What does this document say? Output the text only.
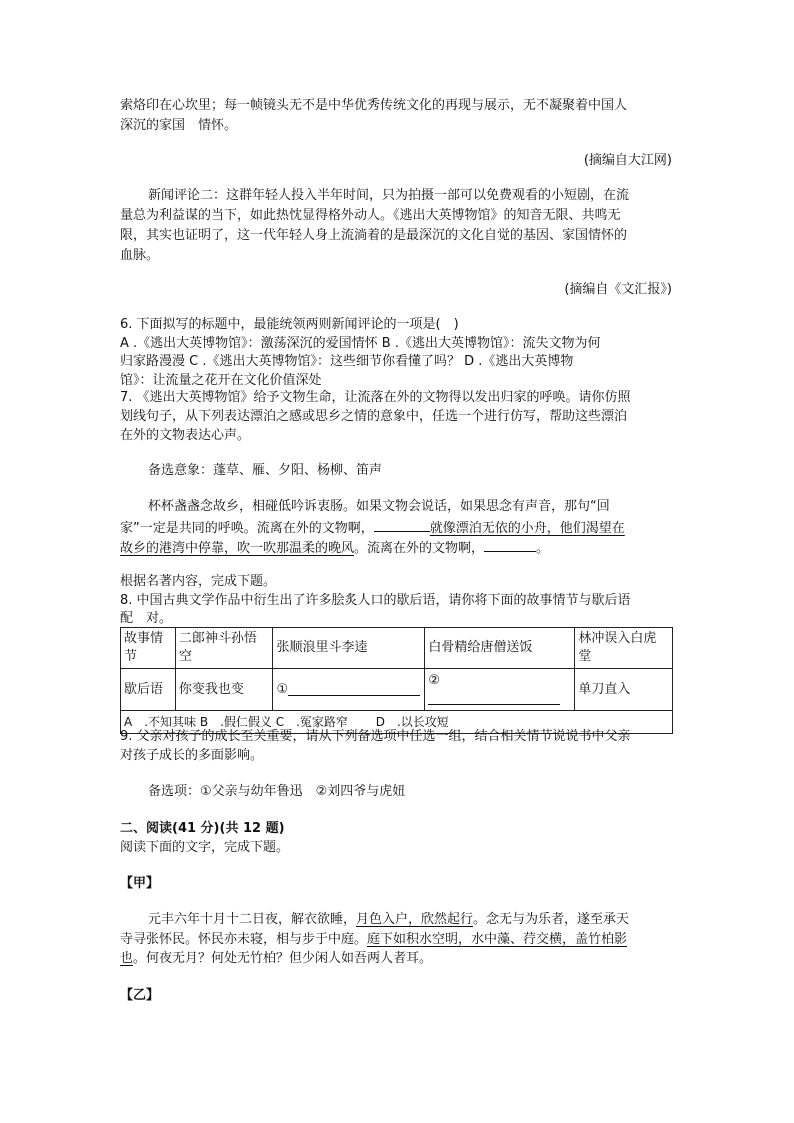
索烙印在心坎里；每一帧镜头无不是中华优秀传统文化的再现与展示，无不凝聚着中国人
深沉的家国　情怀。
(摘编自大江网)
新闻评论二：这群年轻人投入半年时间，只为拍摄一部可以免费观看的小短剧，在流
量总为利益谋的当下，如此热忱显得格外动人。《逃出大英博物馆》的知音无限、共鸣无
限，其实也证明了，这一代年轻人身上流淌着的是最深沉的文化自觉的基因、家国情怀的
血脉。
(摘编自《文汇报》)
6. 下面拟写的标题中，最能统领两则新闻评论的一项是(　)
A .《逃出大英博物馆》：激荡深沉的爱国情怀 B .《逃出大英博物馆》：流失文物为何
归家路漫漫 C .《逃出大英博物馆》：这些细节你看懂了吗？ D .《逃出大英博物
馆》：让流量之花开在文化价值深处
7. 《逃出大英博物馆》给予文物生命，让流落在外的文物得以发出归家的呼唤。请你仿照
划线句子，从下列表达漂泊之感或思乡之情的意象中，任选一个进行仿写，帮助这些漂泊
在外的文物表达心声。
备选意象：蓬草、雁、夕阳、杨柳、笛声
杯杯盏盏念故乡，相碰低吟诉衷肠。如果文物会说话，如果思念有声音，那句“回
家”一定是共同的呼唤。流离在外的文物啊，	就像漂泊无依的小舟，他们渴望在
故乡的港湾中停靠，吹一吹那温柔的晚风。流离在外的文物啊，	。
根据名著内容，完成下题。
8. 中国古典文学作品中衍生出了许多脍炙人口的歇后语，请你将下面的故事情节与歇后语
配　对。
故事情节	二郎神斗孙悟空	张顺浪里斗李逵	白骨精给唐僧送饭	林冲误入白虎堂
歇后语	你变我也变	①	②	单刀直入
A　.不知其味 B　.假仁假义 C　.冤家路窄　　 D　.以长攻短				
9. 父亲对孩子的成长至关重要，请从下列备选项中任选一组，结合相关情节说说书中父亲
对孩子成长的多面影响。
备选项：①父亲与幼年鲁迅　②刘四爷与虎妞
二、阅读(41 分)(共 12 题)
阅读下面的文字，完成下题。
【甲】
元丰六年十月十二日夜，解衣欲睡，月色入户，欣然起行。念无与为乐者，遂至承天
寺寻张怀民。怀民亦未寝，相与步于中庭。庭下如积水空明，水中藻、荇交横，盖竹柏影
也。何夜无月？何处无竹柏？但少闲人如吾两人者耳。
【乙】
